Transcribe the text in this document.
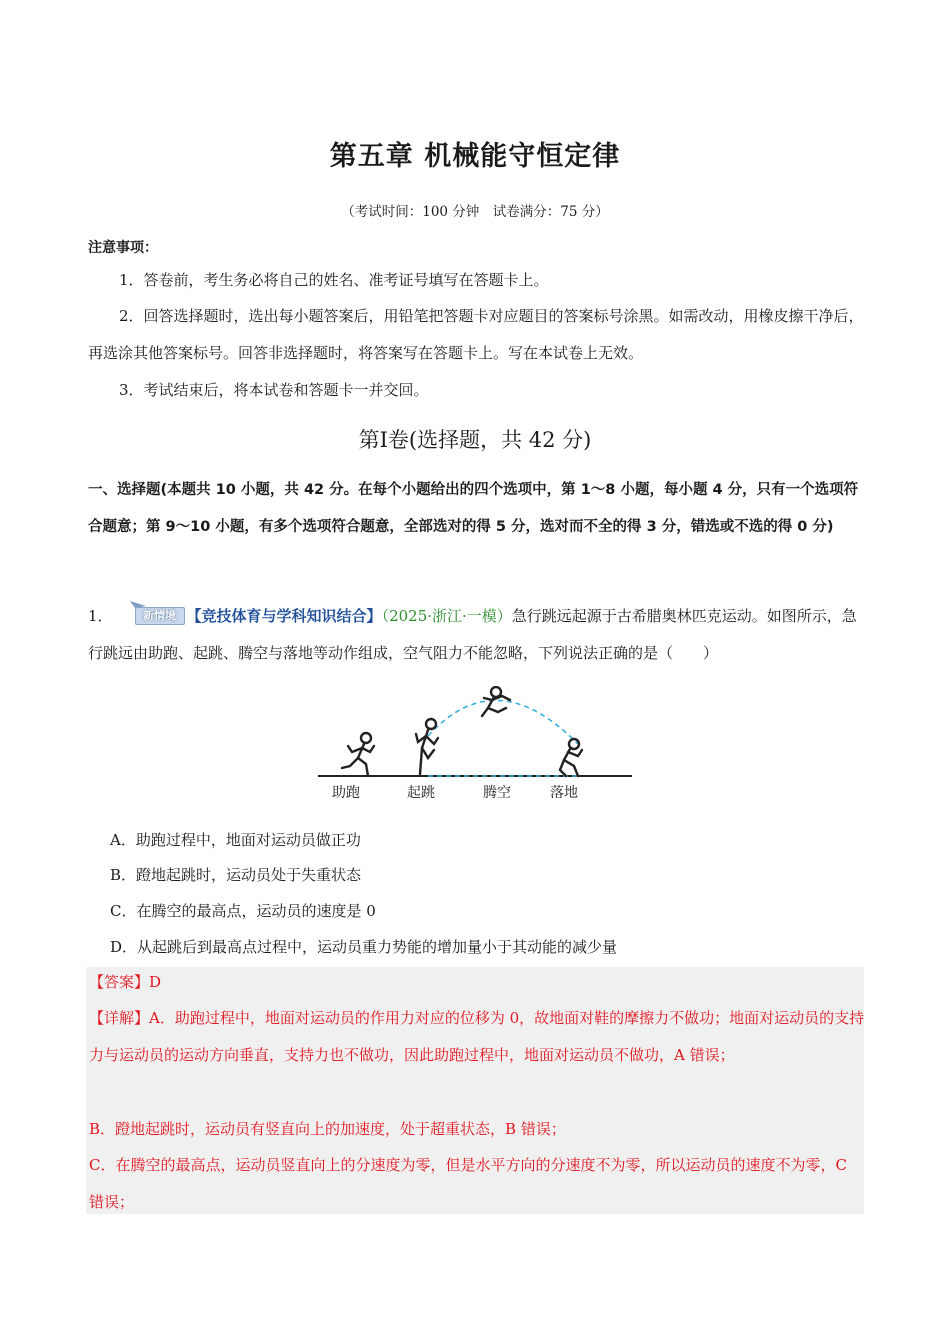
第五章 机械能守恒定律
（考试时间：100 分钟　试卷满分：75 分）
注意事项：
1．答卷前，考生务必将自己的姓名、准考证号填写在答题卡上。
2．回答选择题时，选出每小题答案后，用铅笔把答题卡对应题目的答案标号涂黑。如需改动，用橡皮擦干净后，再选涂其他答案标号。回答非选择题时，将答案写在答题卡上。写在本试卷上无效。
3．考试结束后，将本试卷和答题卡一并交回。
第Ⅰ卷(选择题，共 42 分)
一、选择题(本题共 10 小题，共 42 分。在每个小题给出的四个选项中，第 1～8 小题，每小题 4 分，只有一个选项符合题意；第 9～10 小题，有多个选项符合题意，全部选对的得 5 分，选对而不全的得 3 分，错选或不选的得 0 分)
1．	新情境 【竞技体育与学科知识结合】（2025·浙江·一模）急行跳远起源于古希腊奥林匹克运动。如图所示，急行跳远由助跑、起跳、腾空与落地等动作组成，空气阻力不能忽略，下列说法正确的是（　　）
助跑	起跳	腾空	落地
A．助跑过程中，地面对运动员做正功
B．蹬地起跳时，运动员处于失重状态
C．在腾空的最高点，运动员的速度是 0
D．从起跳后到最高点过程中，运动员重力势能的增加量小于其动能的减少量
【答案】D
【详解】A．助跑过程中，地面对运动员的作用力对应的位移为 0，故地面对鞋的摩擦力不做功；地面对运动员的支持力与运动员的运动方向垂直，支持力也不做功，因此助跑过程中，地面对运动员不做功，A 错误；
B．蹬地起跳时，运动员有竖直向上的加速度，处于超重状态，B 错误；
C．在腾空的最高点，运动员竖直向上的分速度为零，但是水平方向的分速度不为零，所以运动员的速度不为零，C 错误；
